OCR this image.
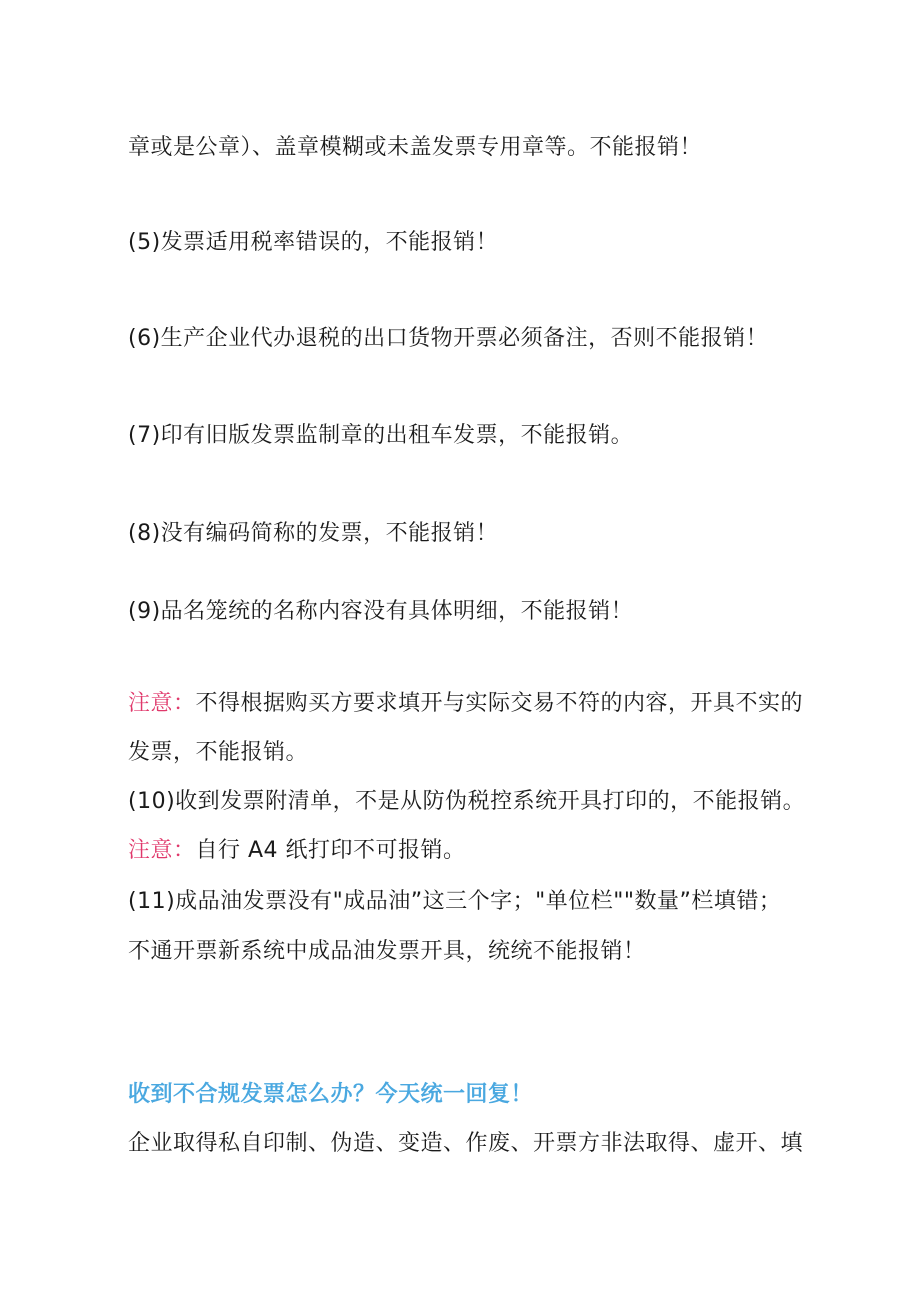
章或是公章）、盖章模糊或未盖发票专用章等。不能报销！
(5)发票适用税率错误的，不能报销！
(6)生产企业代办退税的出口货物开票必须备注，否则不能报销！
(7)印有旧版发票监制章的出租车发票，不能报销。
(8)没有编码简称的发票，不能报销！
(9)品名笼统的名称内容没有具体明细，不能报销！
注意：不得根据购买方要求填开与实际交易不符的内容，开具不实的
发票，不能报销。
(10)收到发票附清单，不是从防伪税控系统开具打印的，不能报销。
注意：自行 A4 纸打印不可报销。
(11)成品油发票没有"成品油”这三个字；"单位栏""数量”栏填错；
不通开票新系统中成品油发票开具，统统不能报销！
收到不合规发票怎么办？今天统一回复！
企业取得私自印制、伪造、变造、作废、开票方非法取得、虚开、填
